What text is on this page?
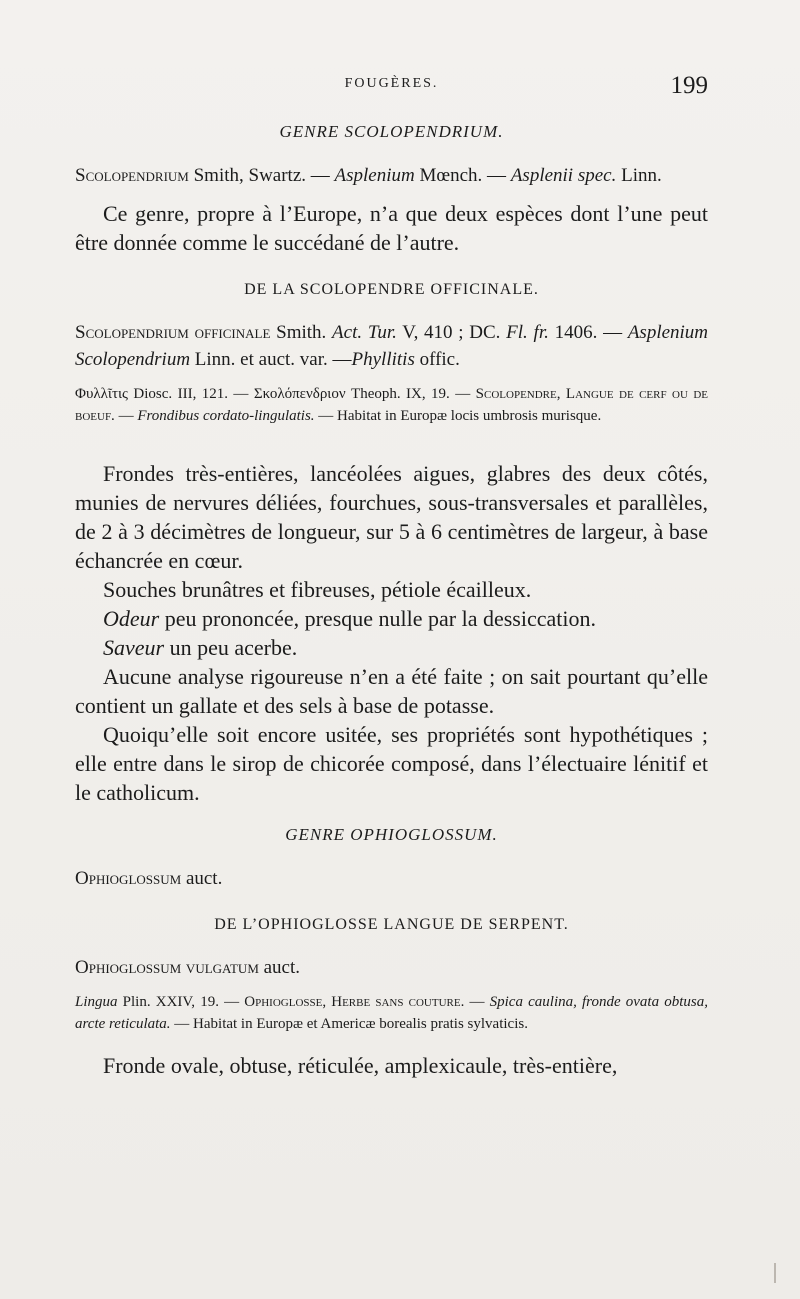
FOUGÈRES.	199
GENRE SCOLOPENDRIUM.

Scolopendrium Smith, Swartz. — Asplenium Mœnch. — Asplenii spec. Linn.

Ce genre, propre à l’Europe, n’a que deux espèces dont l’une peut être donnée comme le succédané de l’autre.

DE LA SCOLOPENDRE OFFICINALE.

Scolopendrium officinale Smith. Act. Tur. V, 410 ; DC. Fl. fr. 1406. — Asplenium Scolopendrium Linn. et auct. var. —Phyllitis offic.

Φυλλῖτις Diosc. III, 121. — Σκολόπενδριον Theoph. IX, 19. — Scolopendre, Langue de cerf ou de boeuf. — Frondibus cordato-lingulatis. — Habitat in Europæ locis umbrosis murisque.

Frondes très-entières, lancéolées aigues, glabres des deux côtés, munies de nervures déliées, fourchues, sous-transversales et parallèles, de 2 à 3 décimètres de longueur, sur 5 à 6 centimètres de largeur, à base échancrée en cœur.

Souches brunâtres et fibreuses, pétiole écailleux.

Odeur peu prononcée, presque nulle par la dessiccation.

Saveur un peu acerbe.

Aucune analyse rigoureuse n’en a été faite ; on sait pourtant qu’elle contient un gallate et des sels à base de potasse.

Quoiqu’elle soit encore usitée, ses propriétés sont hypothétiques ; elle entre dans le sirop de chicorée composé, dans l’électuaire lénitif et le catholicum.

GENRE OPHIOGLOSSUM.

Ophioglossum auct.

DE L’OPHIOGLOSSE LANGUE DE SERPENT.

Ophioglossum vulgatum auct.

Lingua Plin. XXIV, 19. — Ophioglosse, Herbe sans couture. — Spica caulina, fronde ovata obtusa, arcte reticulata. — Habitat in Europæ et Americæ borealis pratis sylvaticis.

Fronde ovale, obtuse, réticulée, amplexicaule, très-entière,
